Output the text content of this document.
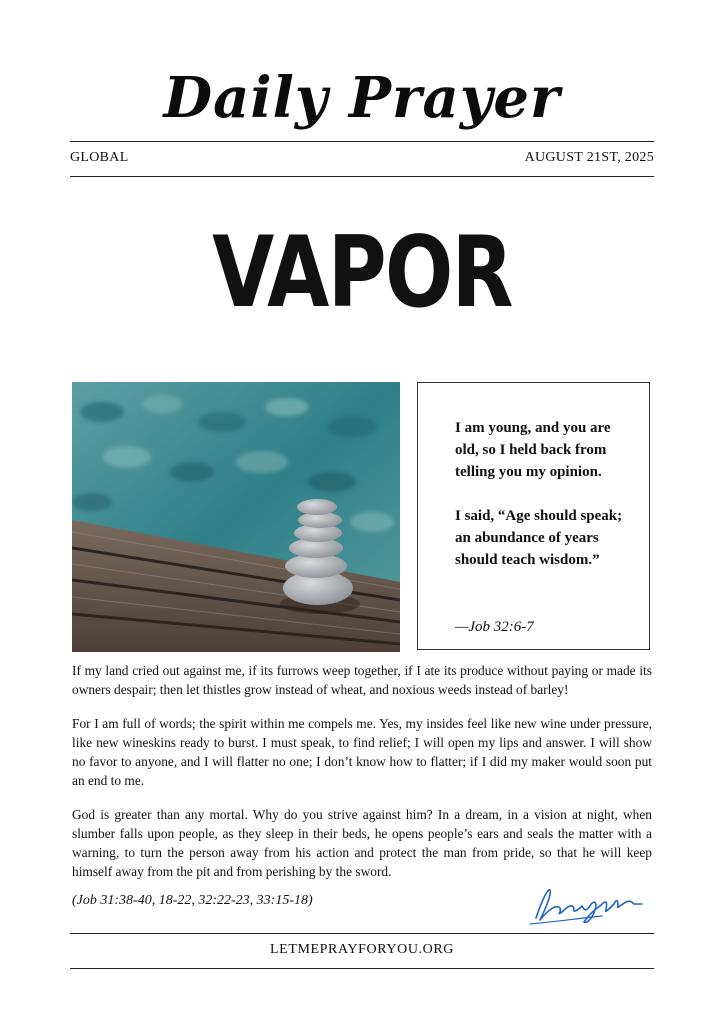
Daily Prayer
GLOBAL	AUGUST 21ST, 2025
VAPOR

I am young, and you are old, so I held back from telling you my opinion.

I said, “Age should speak; an abundance of years should teach wisdom.”

—Job 32:6-7

If my land cried out against me, if its furrows weep together, if I ate its produce without paying or made its owners despair; then let thistles grow instead of wheat, and noxious weeds instead of barley!

For I am full of words; the spirit within me compels me. Yes, my insides feel like new wine under pressure, like new wineskins ready to burst. I must speak, to find relief; I will open my lips and answer. I will show no favor to anyone, and I will flatter no one; I don’t know how to flatter; if I did my maker would soon put an end to me.

God is greater than any mortal. Why do you strive against him? In a dream, in a vision at night, when slumber falls upon people, as they sleep in their beds, he opens people’s ears and seals the matter with a warning, to turn the person away from his action and protect the man from pride, so that he will keep himself away from the pit and from perishing by the sword.

(Job 31:38-40, 18-22, 32:22-23, 33:15-18)
LETMEPRAYFORYOU.ORG
